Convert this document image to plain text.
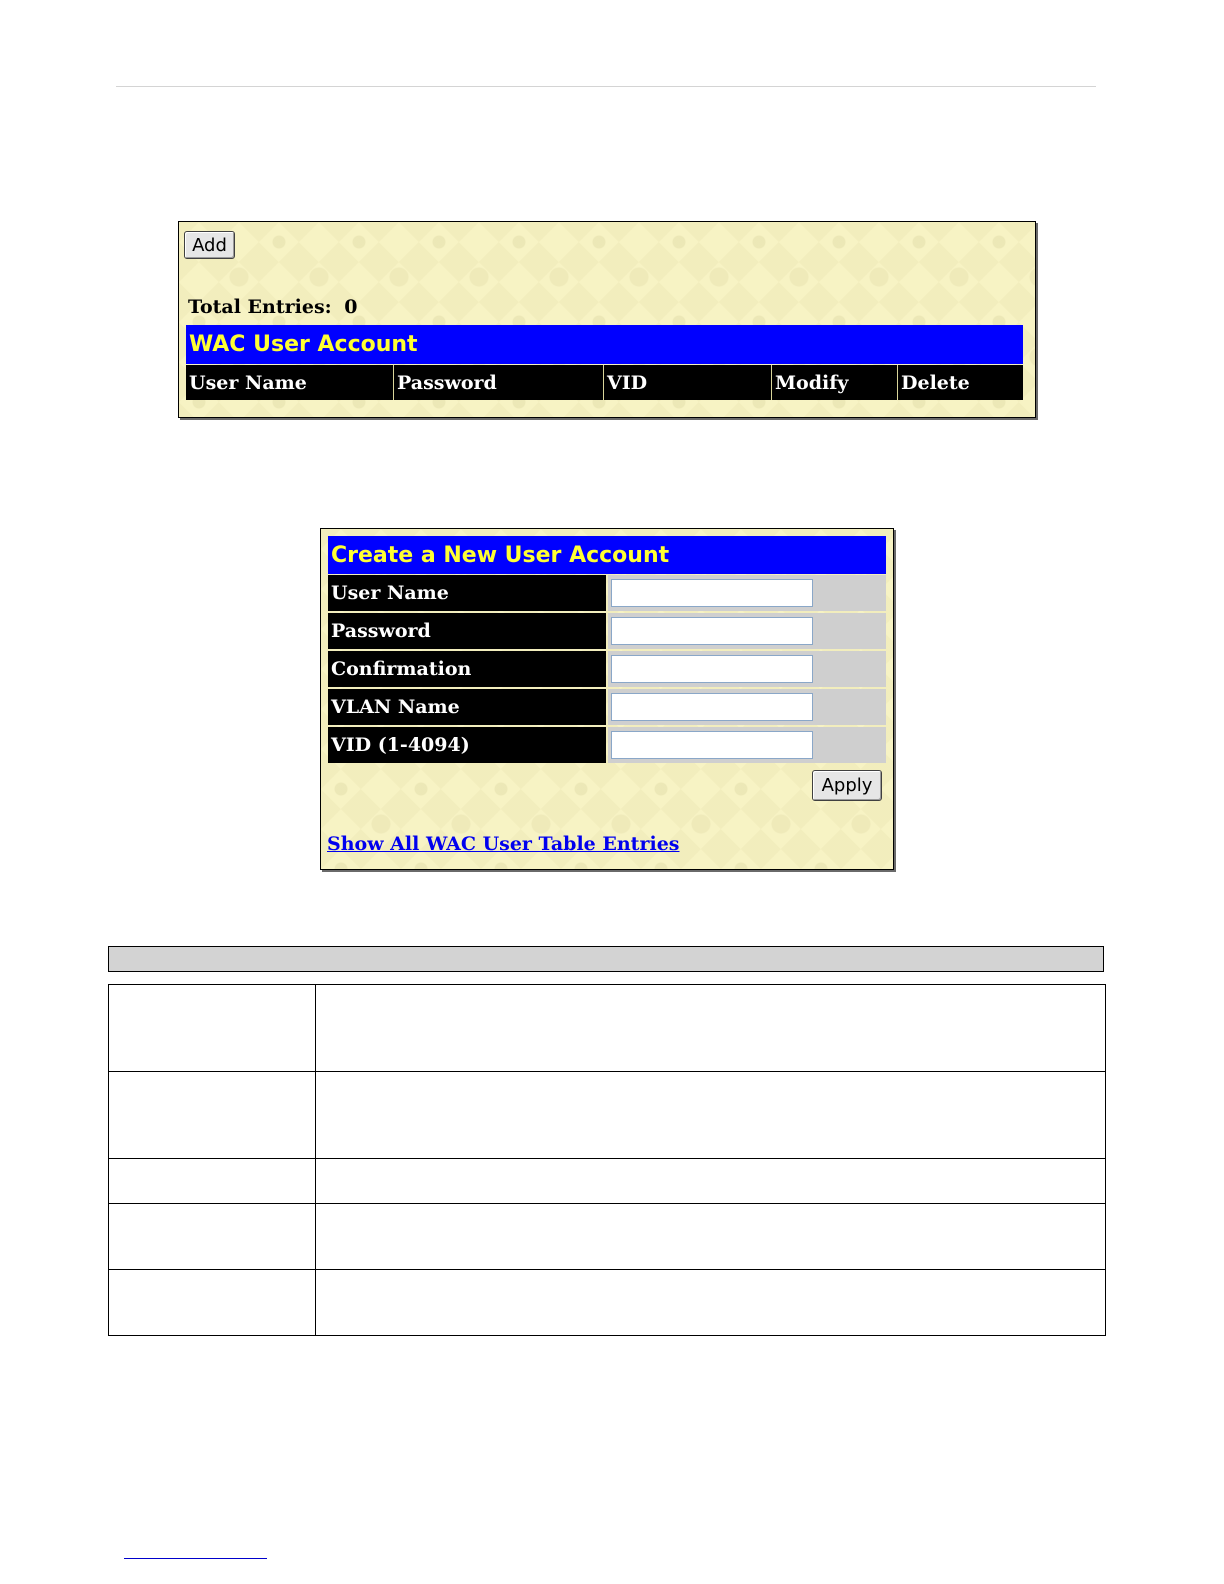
Add
Total Entries: 0
WAC User Account
User Name	Password	VID	Modify	Delete
Create a New User Account
User Name
Password
Confirmation
VLAN Name
VID (1-4094)
Apply
Show All WAC User Table Entries
